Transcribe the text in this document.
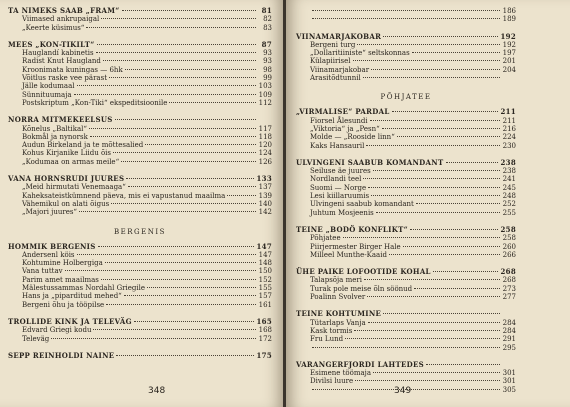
TA NIMEKS SAAB „FRAM“	81
Viimased ankrupaigal	82
„Keerte küsimus“	83
MEES „KON-TIKILT“	87
Hauglandí kabinetis	93
Radist Knut Haugland	93
Kroonimata kuningas — 6hk	98
Võitlus raske vee pärast	99
Jälle kodumaal	103
Sünnituumaja	109
Postskriptum „Kon-Tiki“ ekspeditsioonile	112
NORRA MITMEKEELSUS
Kõnelus „Baltikal“	117
Bokmål ja nynorsk	118
Audun Birkeland ja te mõttesalied	120
Kohus Kirjanike Liidu õis	124
„Kodumaa on armas meile“	126
VANA HORNSRUDI JUURES	133
„Meid hirmutati Venemaaga“	137
Kaheksateistkümnend päeva, mis ei vapustanud maailma	139
Vähemikul on alati õigus	140
„Majori juures“	142
BERGENIS
HOMMIK BERGENIS	147
Andersenl köis	147
Kohtumine Holbergiga	148
Vana tuttav	150
Parim amet maailmas	152
Mälestussammas Nordahl Griegile	155
Hans ja „piparditud mehed“	157
Bergeni õhu ja tööpilse	161
TROLLIDE KINK JA TELEVÄG	165
Edvard Griegi kodu	168
Televäg	172
SEPP REINHOLDI NAINE	175
348
186
189
VIINAMARJAKOBAR	192
Bergeni turg	192
„Dollaritiiniste“ seltskonnas	197
Külapiirisel	201
Viinamarjakobar	204
Arasitõdtunnil
PÕHJATEE
„VIRMALISE“ PARDAL	211
Fiorsel Ålesundi	211
„Viktoria“ ja „Pesn“	216
Molde — „Rooside linn“	224
Kaks Hansauril	230
ULVINGENI SAABUB KOMANDANT	238
Seiluse äe juures	238
Nordlandi teel	241
Suomi — Norge	245
Lesi kiillaruumis	248
Ulvingeni saabub komandant	252
Juhtum Mosjeenis	255
TEINE „BODÖ KONFLIKT“	258
Põhjatee	258
Piirjermester Birger Hale	260
Milleel Munthe-Kaaid	266
ÜHE PAIKE LOFOOTIDE KOHAL	268
Talapsõja meri	268
Turak pole meise õln söönud	273
Poalinn Svolver	277
TEINE KOHTUMINE
Tütarlaps Vanja	284
Kask tormis	284
Fru Lund	291
295
VARANGERFJORDI LAHTEDES
Esimene töömaja	301
Divilsi luure	301
305
349
